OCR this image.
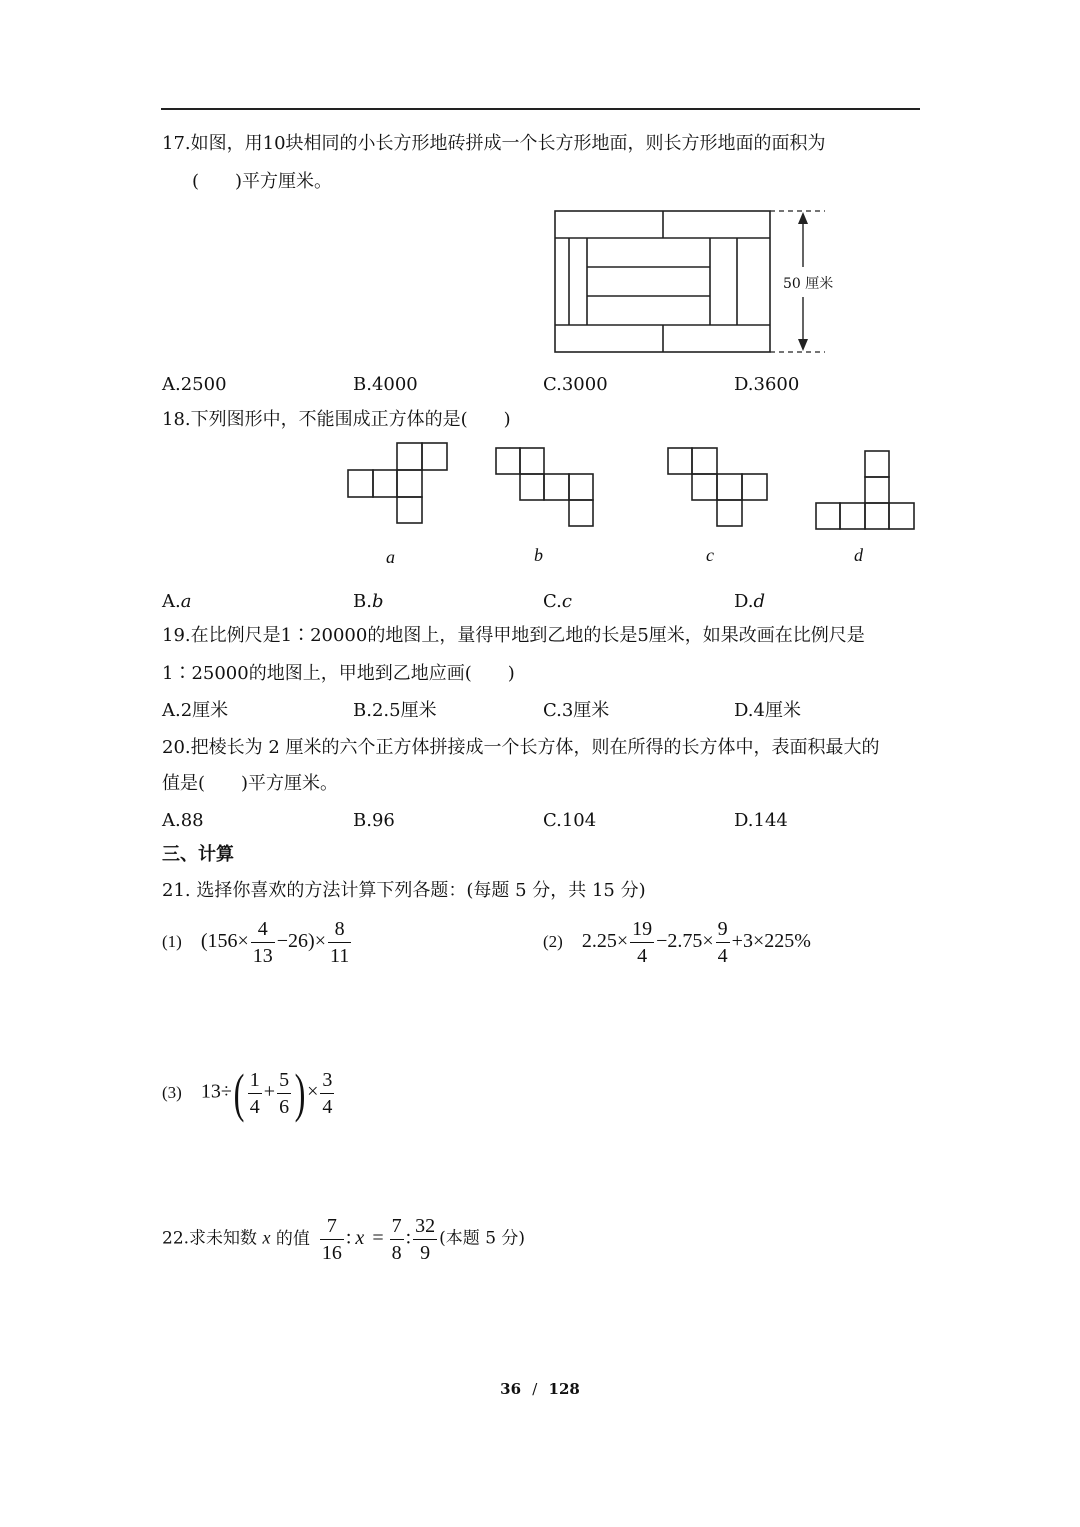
17.如图，用10块相同的小长方形地砖拼成一个长方形地面，则长方形地面的面积为
(　　)平方厘米。
50 厘米
A.2500	B.4000	C.3000	D.3600
18.下列图形中，不能围成正方体的是(　　)
a	b	c	d
A.a	B.b	C.c	D.d
19.在比例尺是1∶20000的地图上，量得甲地到乙地的长是5厘米，如果改画在比例尺是
1∶25000的地图上，甲地到乙地应画(　　)
A.2厘米	B.2.5厘米	C.3厘米	D.4厘米
20.把棱长为 2 厘米的六个正方体拼接成一个长方体，则在所得的长方体中，表面积最大的
值是(　　)平方厘米。
A.88	B.96	C.104	D.144
三、计算
21. 选择你喜欢的方法计算下列各题：(每题 5 分，共 15 分)
(1) $(156\times \frac{4}{13} -26)\times \frac{8}{11}$	(2) $2.25\times \frac{19}{4} -2.75\times \frac{9}{4} +3\times 225\%$
(3) $13\div( \frac{1}{4} + \frac{5}{6}$ )× $\frac{3}{4}$
22.求未知数 x 的值 $\frac{7}{16}$ : $x = \frac{7}{8}$ : $\frac{32}{9}$ (本题 5 分)
36 / 128
